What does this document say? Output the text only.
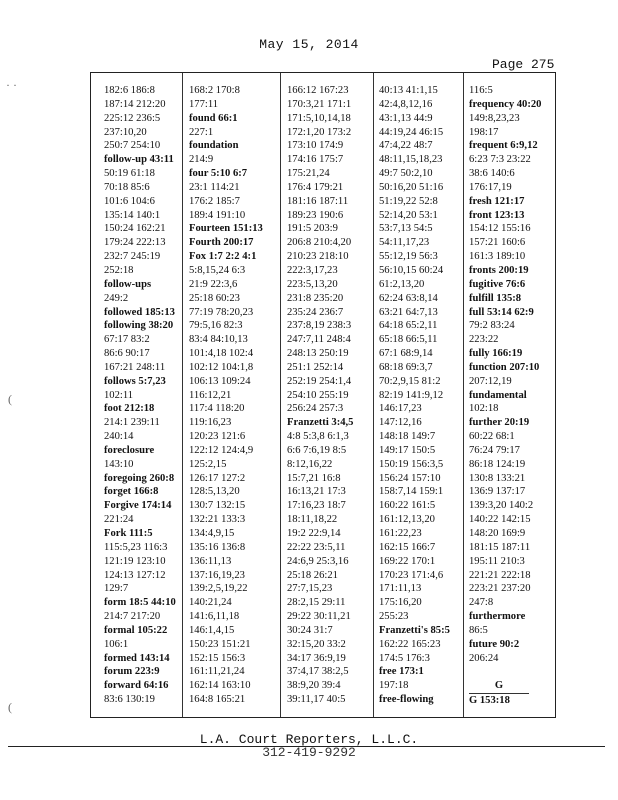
May 15, 2014
Page 275
182:6 186:8
187:14 212:20
225:12 236:5
237:10,20
250:7 254:10
follow-up 43:11
50:19 61:18
70:18 85:6
101:6 104:6
135:14 140:1
150:24 162:21
179:24 222:13
232:7 245:19
252:18
follow-ups
249:2
followed 185:13
following 38:20
67:17 83:2
86:6 90:17
167:21 248:11
follows 5:7,23
102:11
foot 212:18
214:1 239:11
240:14
foreclosure
143:10
foregoing 260:8
forget 166:8
Forgive 174:14
221:24
Fork 111:5
115:5,23 116:3
121:19 123:10
124:13 127:12
129:7
form 18:5 44:10
214:7 217:20
formal 105:22
106:1
formed 143:14
forum 223:9
forward 64:16
83:6 130:19
168:2 170:8
177:11
found 66:1
227:1
foundation
214:9
four 5:10 6:7
23:1 114:21
176:2 185:7
189:4 191:10
Fourteen 151:13
Fourth 200:17
Fox 1:7 2:2 4:1
5:8,15,24 6:3
21:9 22:3,6
25:18 60:23
77:19 78:20,23
79:5,16 82:3
83:4 84:10,13
101:4,18 102:4
102:12 104:1,8
106:13 109:24
116:12,21
117:4 118:20
119:16,23
120:23 121:6
122:12 124:4,9
125:2,15
126:17 127:2
128:5,13,20
130:7 132:15
132:21 133:3
134:4,9,15
135:16 136:8
136:11,13
137:16,19,23
139:2,5,19,22
140:21,24
141:6,11,18
146:1,4,15
150:23 151:21
152:15 156:3
161:11,21,24
162:14 163:10
164:8 165:21
166:12 167:23
170:3,21 171:1
171:5,10,14,18
172:1,20 173:2
173:10 174:9
174:16 175:7
175:21,24
176:4 179:21
181:16 187:11
189:23 190:6
191:5 203:9
206:8 210:4,20
210:23 218:10
222:3,17,23
223:5,13,20
231:8 235:20
235:24 236:7
237:8,19 238:3
247:7,11 248:4
248:13 250:19
251:1 252:14
252:19 254:1,4
254:10 255:19
256:24 257:3
Franzetti 3:4,5
4:8 5:3,8 6:1,3
6:6 7:6,19 8:5
8:12,16,22
15:7,21 16:8
16:13,21 17:3
17:16,23 18:7
18:11,18,22
19:2 22:9,14
22:22 23:5,11
24:6,9 25:3,16
25:18 26:21
27:7,15,23
28:2,15 29:11
29:22 30:11,21
30:24 31:7
32:15,20 33:2
34:17 36:9,19
37:4,17 38:2,5
38:9,20 39:4
39:11,17 40:5
40:13 41:1,15
42:4,8,12,16
43:1,13 44:9
44:19,24 46:15
47:4,22 48:7
48:11,15,18,23
49:7 50:2,10
50:16,20 51:16
51:19,22 52:8
52:14,20 53:1
53:7,13 54:5
54:11,17,23
55:12,19 56:3
56:10,15 60:24
61:2,13,20
62:24 63:8,14
63:21 64:7,13
64:18 65:2,11
65:18 66:5,11
67:1 68:9,14
68:18 69:3,7
70:2,9,15 81:2
82:19 141:9,12
146:17,23
147:12,16
148:18 149:7
149:17 150:5
150:19 156:3,5
156:24 157:10
158:7,14 159:1
160:22 161:5
161:12,13,20
161:22,23
162:15 166:7
169:22 170:1
170:23 171:4,6
171:11,13
175:16,20
255:23
Franzetti's 85:5
162:22 165:23
174:5 176:3
free 173:1
197:18
free-flowing
116:5
frequency 40:20
149:8,23,23
198:17
frequent 6:9,12
6:23 7:3 23:22
38:6 140:6
176:17,19
fresh 121:17
front 123:13
154:12 155:16
157:21 160:6
161:3 189:10
fronts 200:19
fugitive 76:6
fulfill 135:8
full 53:14 62:9
79:2 83:24
223:22
fully 166:19
function 207:10
207:12,19
fundamental
102:18
further 20:19
60:22 68:1
76:24 79:17
86:18 124:19
130:8 133:21
136:9 137:17
139:3,20 140:2
140:22 142:15
148:20 169:9
181:15 187:11
195:11 210:3
221:21 222:18
223:21 237:20
247:8
furthermore
86:5
future 90:2
206:24
G
G 153:18
L.A. Court Reporters, L.L.C.
312-419-9292
· ·
(
(
